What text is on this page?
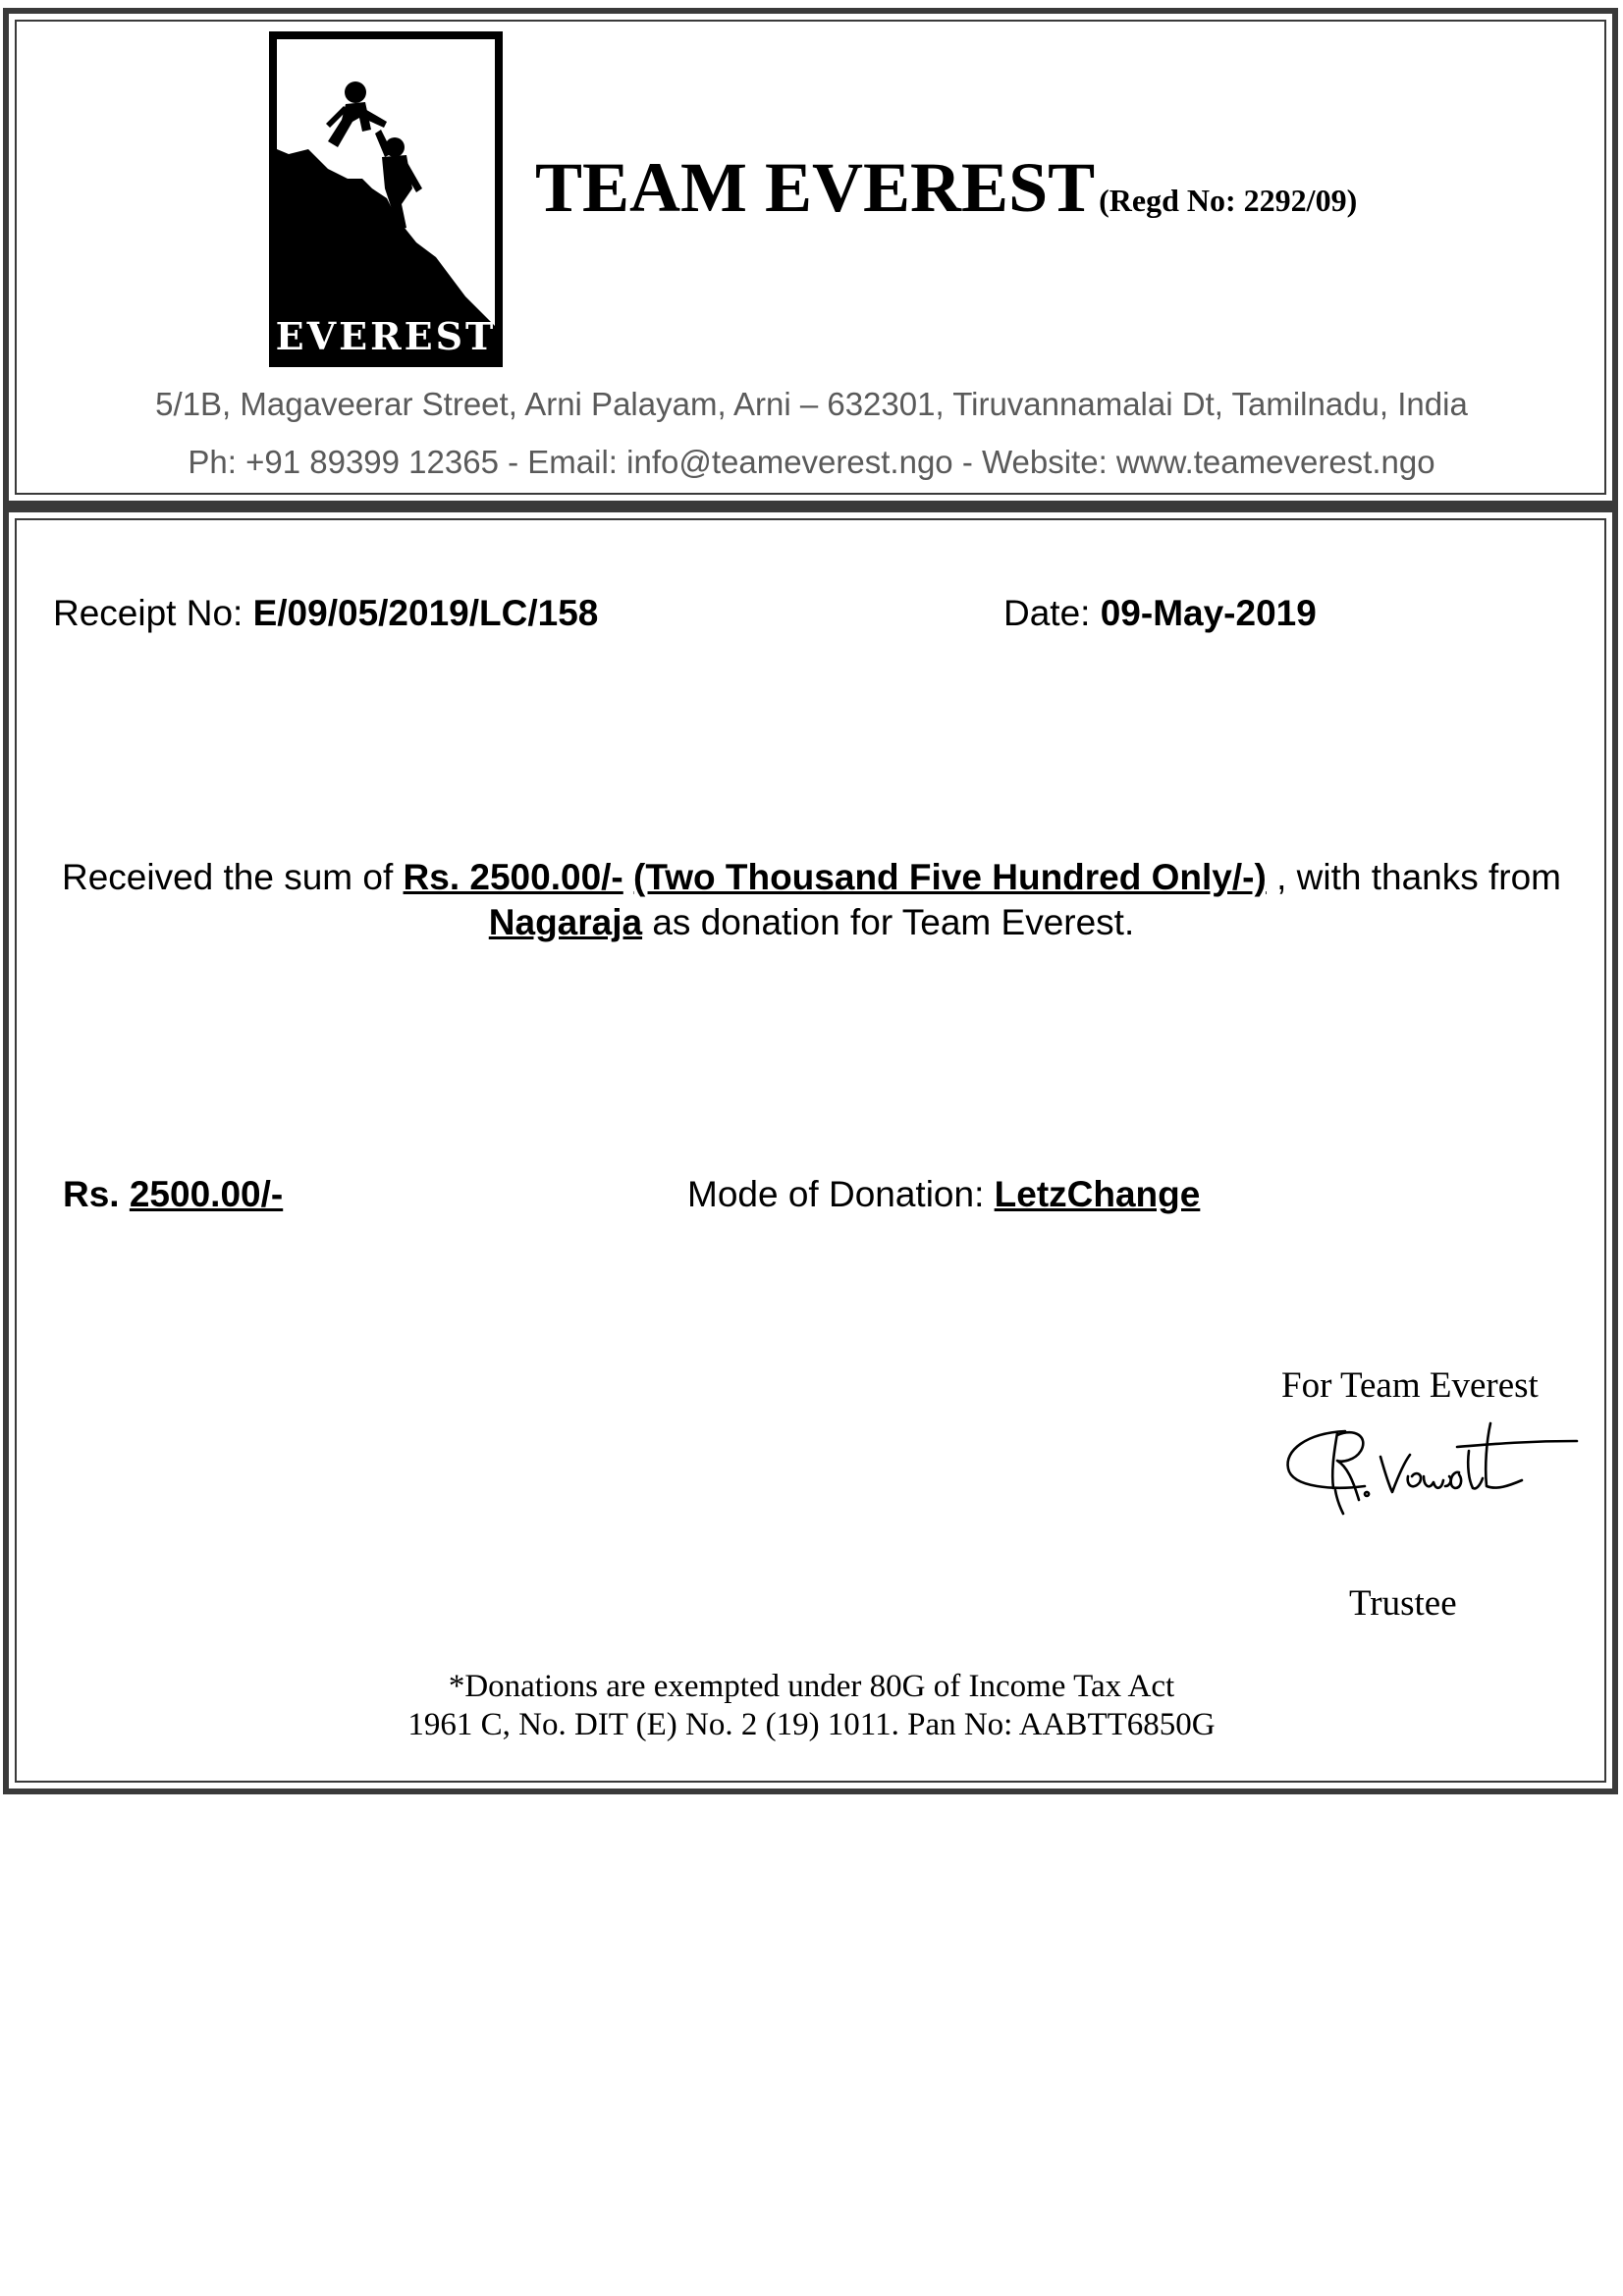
EVEREST
TEAM EVEREST (Regd No: 2292/09)
5/1B, Magaveerar Street, Arni Palayam, Arni – 632301, Tiruvannamalai Dt, Tamilnadu, India
Ph: +91 89399 12365 - Email: info@teameverest.ngo - Website: www.teameverest.ngo
Receipt No: E/09/05/2019/LC/158	Date: 09-May-2019
Received the sum of Rs. 2500.00/- (Two Thousand Five Hundred Only/-) , with thanks from
Nagaraja as donation for Team Everest.
Rs. 2500.00/-	Mode of Donation: LetzChange
For Team Everest
Trustee
*Donations are exempted under 80G of Income Tax Act
1961 C, No. DIT (E) No. 2 (19) 1011. Pan No: AABTT6850G
